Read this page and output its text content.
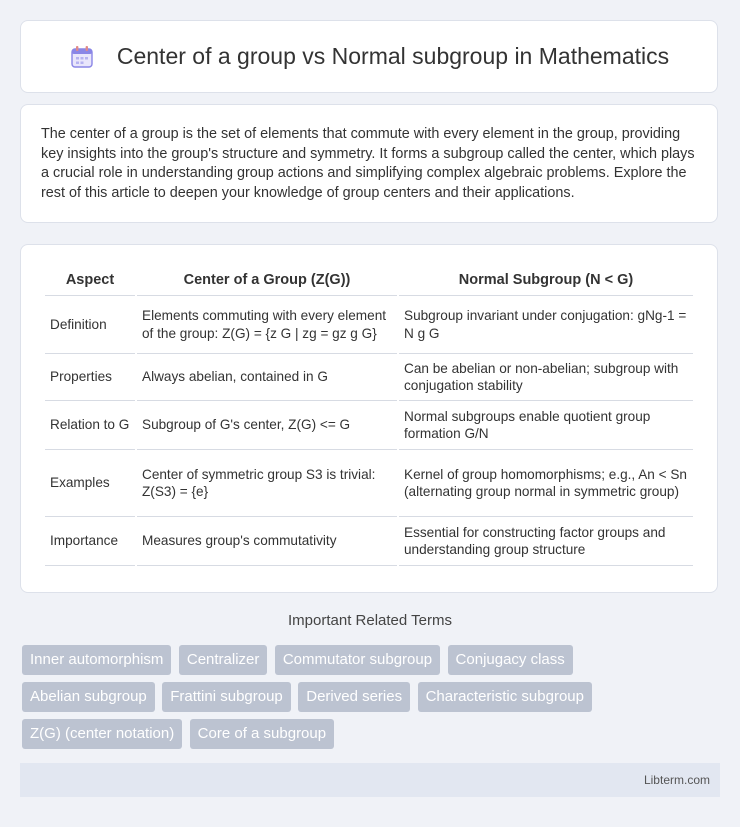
Center of a group vs Normal subgroup in Mathematics

The center of a group is the set of elements that commute with every element in the group, providing key insights into the group's structure and symmetry. It forms a subgroup called the center, which plays a crucial role in understanding group actions and simplifying complex algebraic problems. Explore the rest of this article to deepen your knowledge of group centers and their applications.

Aspect	Center of a Group (Z(G))	Normal Subgroup (N < G)
Definition	Elements commuting with every element of the group: Z(G) = {z G | zg = gz g G}	Subgroup invariant under conjugation: gNg-1 = N g G
Properties	Always abelian, contained in G	Can be abelian or non-abelian; subgroup with conjugation stability
Relation to G	Subgroup of G's center, Z(G) <= G	Normal subgroups enable quotient group formation G/N
Examples	Center of symmetric group S3 is trivial: Z(S3) = {e}	Kernel of group homomorphisms; e.g., An < Sn (alternating group normal in symmetric group)
Importance	Measures group's commutativity	Essential for constructing factor groups and understanding group structure
Important Related Terms
Inner automorphism Centralizer Commutator subgroup Conjugacy class
Abelian subgroup Frattini subgroup Derived series Characteristic subgroup
Z(G) (center notation) Core of a subgroup
Libterm.com
